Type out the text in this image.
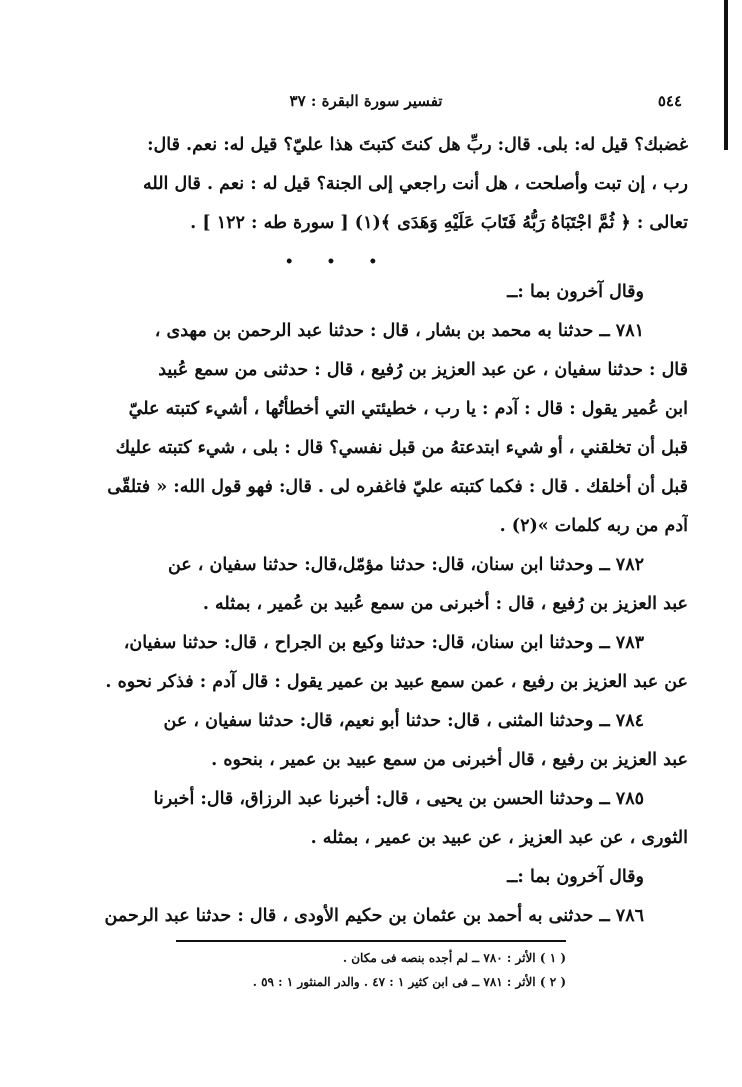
٥٤٤
تفسير سورة البقرة : ٣٧
غضبك؟ قيل له: بلى. قال: ربِّ هل كنتَ كتبتَ هذا عليّ؟ قيل له: نعم. قال:
رب ، إن تبت وأصلحت ، هل أنت راجعي إلى الجنة؟ قيل له : نعم . قال الله
تعالى : ﴿ ثُمَّ اجْتَبَاهُ رَبُّهُ فَتَابَ عَلَيْهِ وَهَدَى ﴾(١) [ سورة طه : ١٢٢ ] .
• • •
وقال آخرون بما :ــ
٧٨١ ــ حدثنا به محمد بن بشار ، قال : حدثنا عبد الرحمن بن مهدى ،
قال : حدثنا سفيان ، عن عبد العزيز بن رُفيع ، قال : حدثنى من سمع عُبيد
ابن عُمير يقول : قال : آدم : يا رب ، خطيئتي التي أخطأتُها ، أشيء كتبته عليّ
قبل أن تخلقني ، أو شيء ابتدعتهُ من قبل نفسي؟ قال : بلى ، شيء كتبته عليك
قبل أن أخلقك . قال : فكما كتبته عليّ فاغفره لى . قال: فهو قول الله: « فتلقّى
آدم من ربه كلمات »(٢) .
٧٨٢ ــ وحدثنا ابن سنان، قال: حدثنا مؤمّل،قال: حدثنا سفيان ، عن
عبد العزيز بن رُفيع ، قال : أخبرنى من سمع عُبيد بن عُمير ، بمثله .
٧٨٣ ــ وحدثنا ابن سنان، قال: حدثنا وكيع بن الجراح ، قال: حدثنا سفيان،
عن عبد العزيز بن رفيع ، عمن سمع عبيد بن عمير يقول : قال آدم : فذكر نحوه .
٧٨٤ ــ وحدثنا المثنى ، قال: حدثنا أبو نعيم، قال: حدثنا سفيان ، عن
عبد العزيز بن رفيع ، قال أخبرنى من سمع عبيد بن عمير ، بنحوه .
٧٨٥ ــ وحدثنا الحسن بن يحيى ، قال: أخبرنا عبد الرزاق، قال: أخبرنا
الثورى ، عن عبد العزيز ، عن عبيد بن عمير ، بمثله .
وقال آخرون بما :ــ
٧٨٦ ــ حدثنى به أحمد بن عثمان بن حكيم الأودى ، قال : حدثنا عبد الرحمن
( ١ ) الأثر : ٧٨٠ ــ لم أجده بنصه فى مكان .
( ٢ ) الأثر : ٧٨١ ــ فى ابن كثير ١ : ٤٧ . والدر المنثور ١ : ٥٩ .
